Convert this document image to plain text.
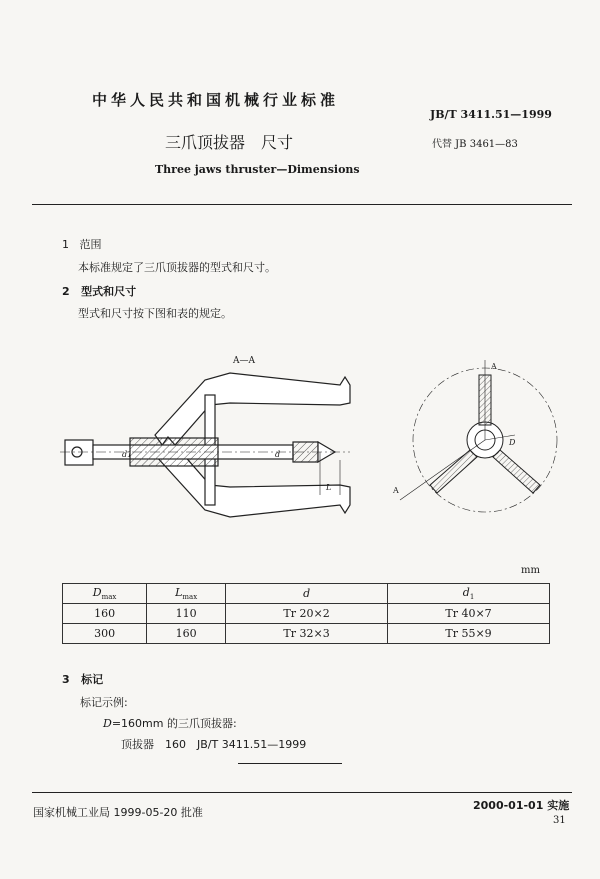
中华人民共和国机械行业标准
JB/T 3411.51—1999
三爪顶拔器　尺寸	代替 JB 3461—83
Three jaws thruster—Dimensions
1 范围
本标准规定了三爪顶拔器的型式和尺寸。
2 型式和尺寸
型式和尺寸按下图和表的规定。
A—A
d1	d
L
A
A
D
mm
$D_{max}$	$L_{max}$	d	$d_1$
160	110	Tr 20×2	Tr 40×7
300	160	Tr 32×3	Tr 55×9
3 标记
标记示例:
D=160mm 的三爪顶拔器:
顶拔器　160　JB/T 3411.51—1999
国家机械工业局 1999-05-20 批准
2000-01-01 实施
31
